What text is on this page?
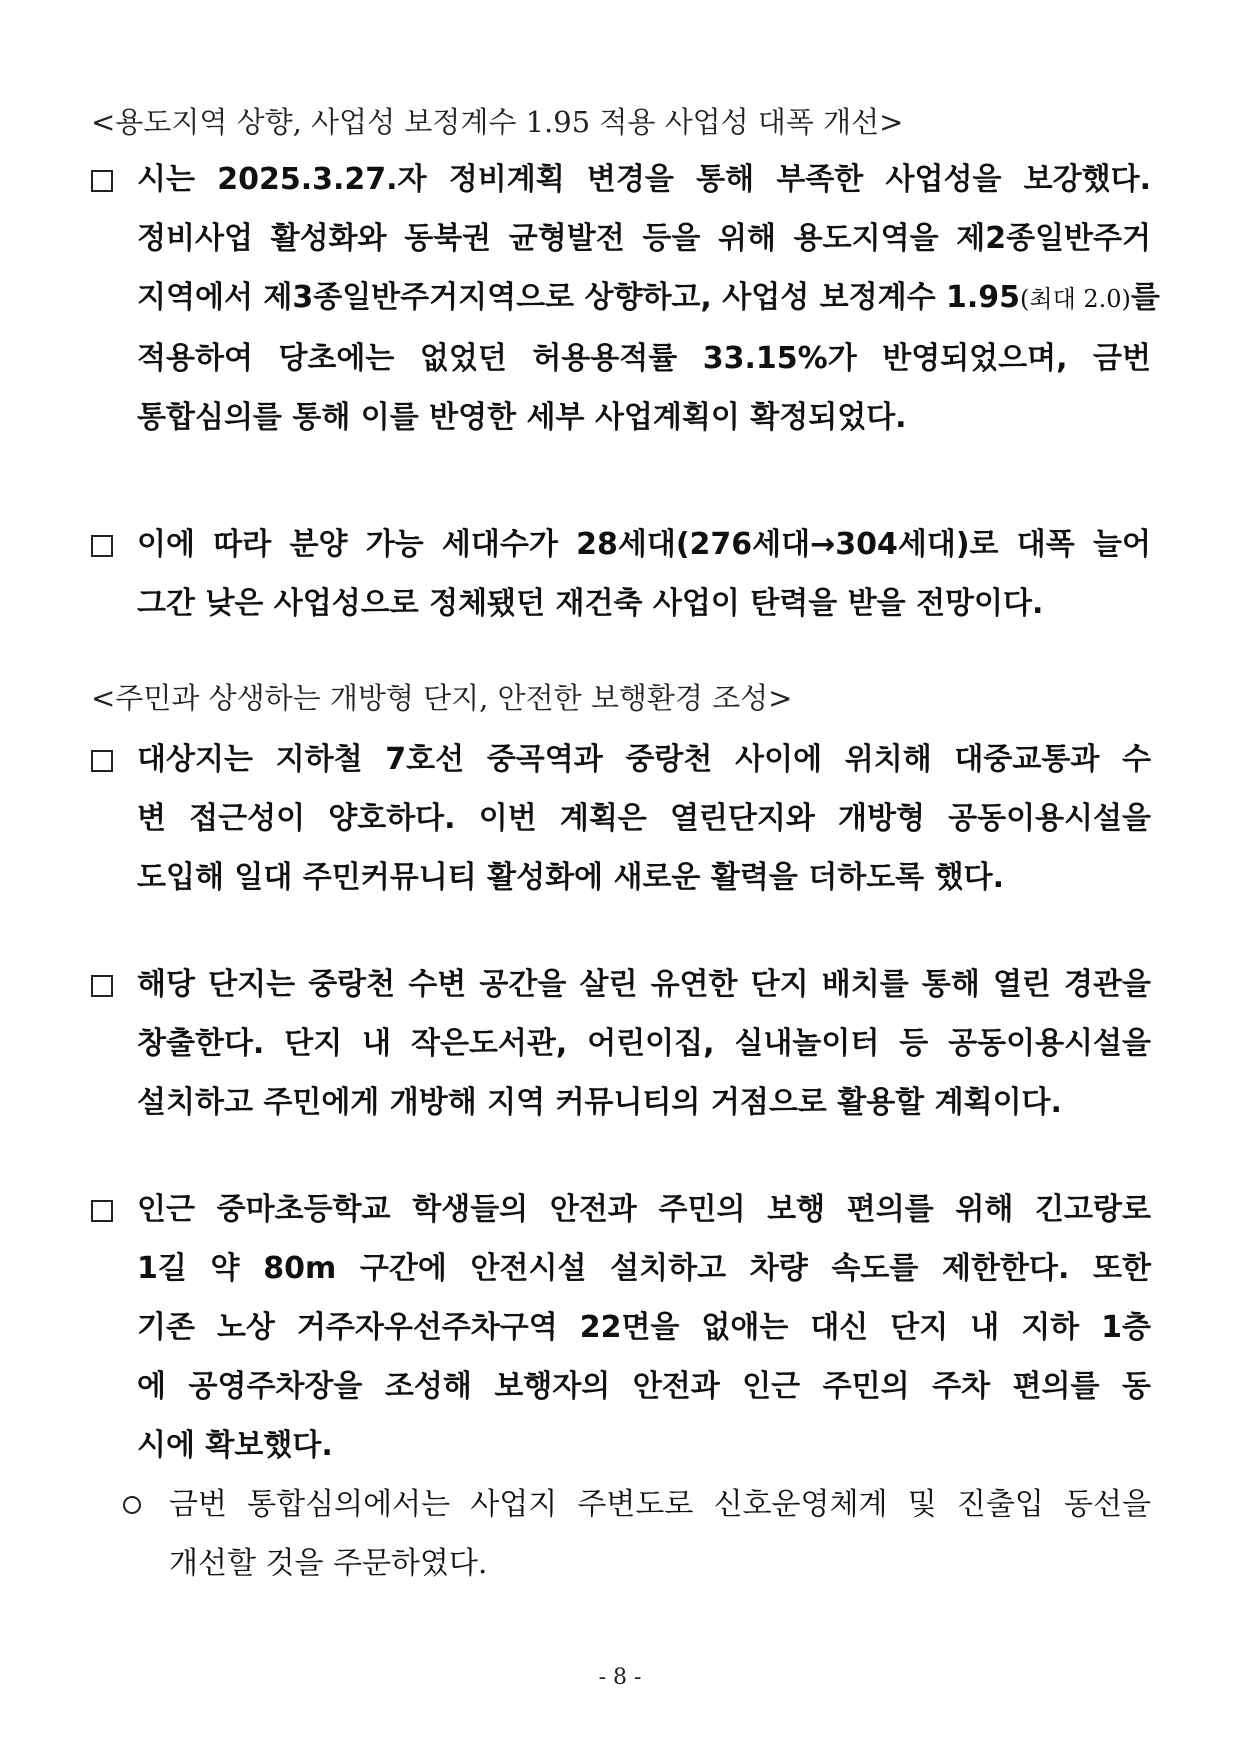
<용도지역 상향, 사업성 보정계수 1.95 적용 사업성 대폭 개선>
시는 2025.3.27.자 정비계획 변경을 통해 부족한 사업성을 보강했다.
정비사업 활성화와 동북권 균형발전 등을 위해 용도지역을 제2종일반주거
지역에서 제3종일반주거지역으로 상향하고, 사업성 보정계수 1.95(최대 2.0)를
적용하여 당초에는 없었던 허용용적률 33.15%가 반영되었으며, 금번
통합심의를 통해 이를 반영한 세부 사업계획이 확정되었다.
이에 따라 분양 가능 세대수가 28세대(276세대→304세대)로 대폭 늘어
그간 낮은 사업성으로 정체됐던 재건축 사업이 탄력을 받을 전망이다.
<주민과 상생하는 개방형 단지, 안전한 보행환경 조성>
대상지는 지하철 7호선 중곡역과 중랑천 사이에 위치해 대중교통과 수
변 접근성이 양호하다. 이번 계획은 열린단지와 개방형 공동이용시설을
도입해 일대 주민커뮤니티 활성화에 새로운 활력을 더하도록 했다.
해당 단지는 중랑천 수변 공간을 살린 유연한 단지 배치를 통해 열린 경관을
창출한다. 단지 내 작은도서관, 어린이집, 실내놀이터 등 공동이용시설을
설치하고 주민에게 개방해 지역 커뮤니티의 거점으로 활용할 계획이다.
인근 중마초등학교 학생들의 안전과 주민의 보행 편의를 위해 긴고랑로
1길 약 80m 구간에 안전시설 설치하고 차량 속도를 제한한다. 또한
기존 노상 거주자우선주차구역 22면을 없애는 대신 단지 내 지하 1층
에 공영주차장을 조성해 보행자의 안전과 인근 주민의 주차 편의를 동
시에 확보했다.
금번 통합심의에서는 사업지 주변도로 신호운영체계 및 진출입 동선을
개선할 것을 주문하였다.
- 8 -
